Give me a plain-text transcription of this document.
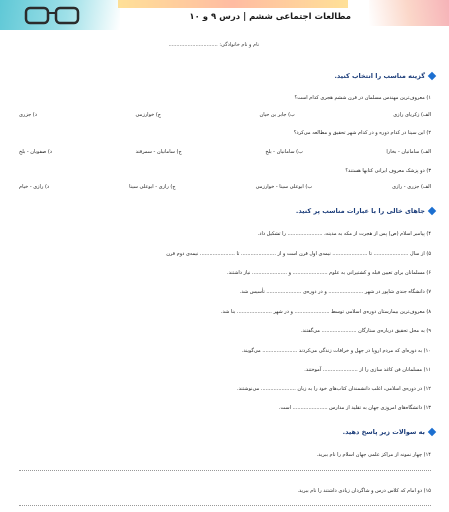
مطالعات اجتماعی ششم | درس ۹ و ۱۰
نام و نام خانوادگی: ...............................
گزینه مناسب را انتخاب کنید.
۱) معروف‌ترین مهندس مسلمان در قرن ششم هجری کدام است؟
الف) زکریای رازی
ب) جابر بن حیان
ج) خوارزمی
د) جزری
۲) ابن سینا در کدام دوره و در کدام شهر تحقیق و مطالعه می‌کرد؟
الف) سامانیان - بخارا
ب) سامانیان - بلخ
ج) سامانیان - سمرقند
د) صفویان - بلخ
۳) دو پزشک معروف ایرانی کتابها هستند؟
الف) جزری - رازی
ب) ابوعلی سینا - خوارزمی
ج) رازی - ابوعلی سینا
د) رازی - خیام
جاهای خالی را با عبارات مناسب پر کنید.
۴) پیامبر اسلام (ص) پس از هجرت از مکه به مدینه، ...................... را تشکیل داد.
۵) از سال ...................... تا ...................... نیمه‌ی اول قرن است و از ...................... تا ...................... نیمه‌ی دوم قرن
۶) مسلمانان برای تعیین قبله و کشتیرانی به علوم ...................... و ...................... نیاز داشتند.
۷) دانشگاه جندی شاپور در شهر ...................... و در دوره‌ی ...................... تأسیس شد.
۸) معروف‌ترین بیمارستان دوره‌ی اسلامی توسط ...................... و در شهر ...................... بنا شد.
۹) به محل تحقیق درباره‌ی ستارگان ...................... می‌گفتند.
۱۰) به دوره‌ای که مردم اروپا در جهل و خرافات زندگی می‌کردند ...................... می‌گویند.
۱۱) مسلمانان فن کاغذ سازی را از ...................... آموختند.
۱۲) در دوره‌ی اسلامی، اغلب دانشمندان کتاب‌های خود را به زبان ...................... می‌نوشتند.
۱۳) دانشگاه‌های امروزی جهان به تقلید از مدارس ...................... است.
به سوالات زیر پاسخ دهید.
۱۴) چهار نمونه از مراکز علمی جهان اسلام را نام ببرید.
۱۵) دو امام که کلاس درس و شاگردان زیادی داشتند را نام ببرید.
